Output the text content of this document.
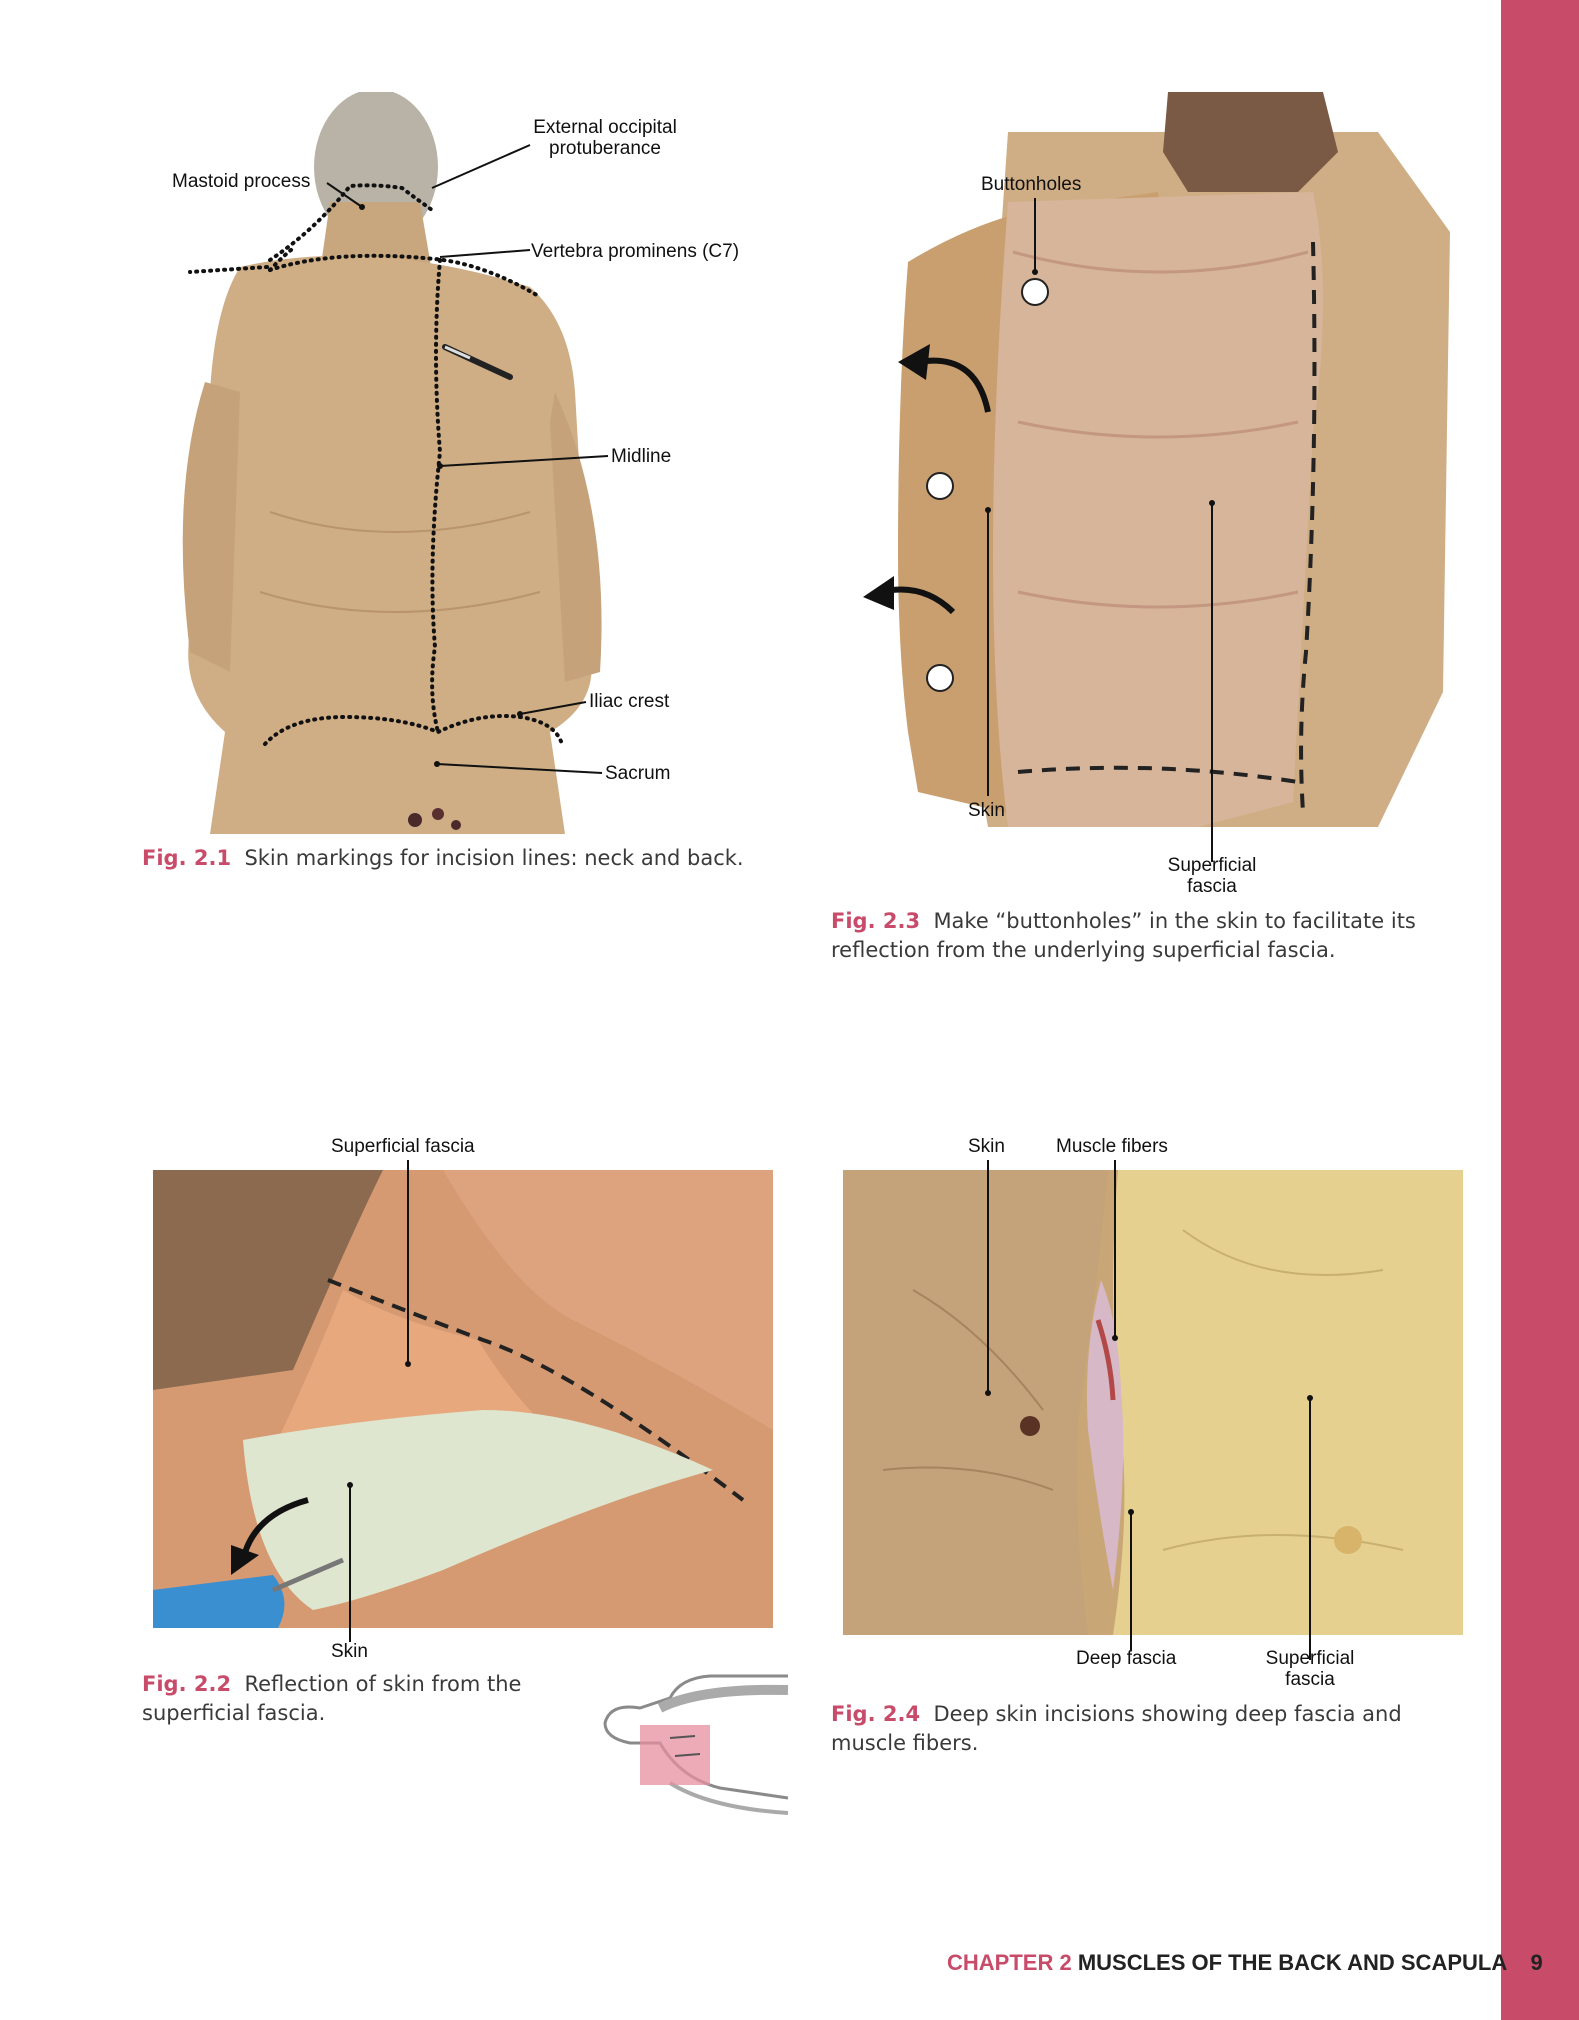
External occipital
protuberance
Mastoid process
Vertebra prominens (C7)
Midline
Iliac crest
Sacrum
Buttonholes
Skin
Superficial
fascia
Superficial fascia
Skin
Skin	Muscle fibers
Deep fascia	Superficial
fascia
Fig. 2.1 Skin markings for incision lines: neck and back.
Fig. 2.3 Make “buttonholes” in the skin to facilitate its reflection from the underlying superficial fascia.
Fig. 2.2 Reflection of skin from the superficial fascia.	Fig. 2.4 Deep skin incisions showing deep fascia and muscle fibers.
CHAPTER 2 MUSCLES OF THE BACK AND SCAPULA 9
